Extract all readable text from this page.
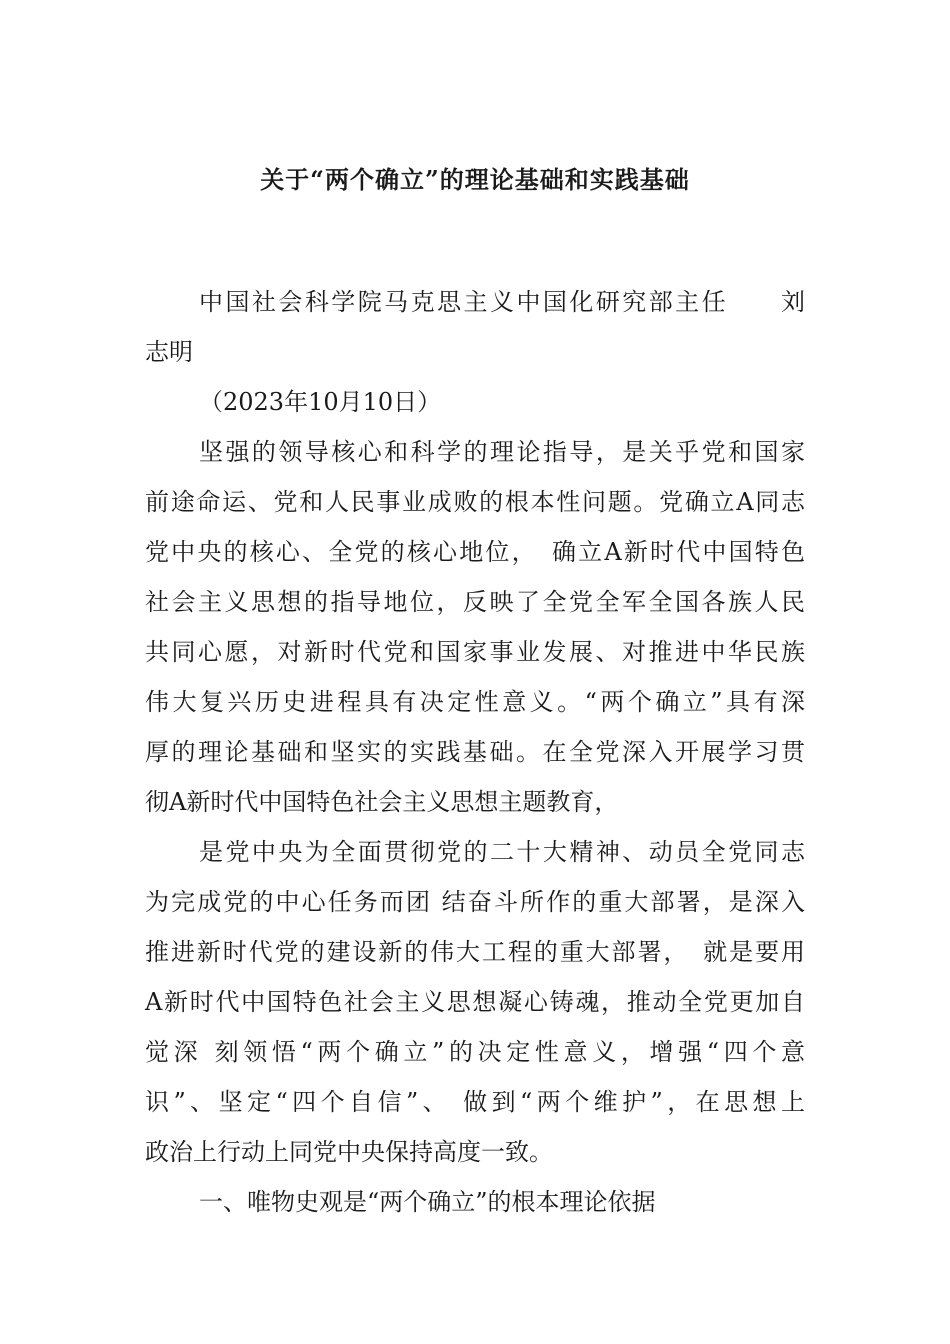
关于“两个确立”的理论基础和实践基础
中国社会科学院马克思主义中国化研究部主任　　刘
志明
（2023年10月10日）
坚强的领导核心和科学的理论指导，是关乎党和国家
前途命运、党和人民事业成败的根本性问题。党确立A同志
党中央的核心、全党的核心地位，　确立A新时代中国特色
社会主义思想的指导地位，反映了全党全军全国各族人民
共同心愿，对新时代党和国家事业发展、对推进中华民族
伟大复兴历史进程具有决定性意义。“两个确立”具有深
厚的理论基础和坚实的实践基础。在全党深入开展学习贯
彻A新时代中国特色社会主义思想主题教育，
是党中央为全面贯彻党的二十大精神、动员全党同志
为完成党的中心任务而团 结奋斗所作的重大部署，是深入
推进新时代党的建设新的伟大工程的重大部署，　就是要用
A新时代中国特色社会主义思想凝心铸魂，推动全党更加自
觉深 刻领悟“两个确立”的决定性意义，增强“四个意
识”、坚定“四个自信”、 做到“两个维护”，在思想上
政治上行动上同党中央保持高度一致。
一、唯物史观是“两个确立”的根本理论依据
